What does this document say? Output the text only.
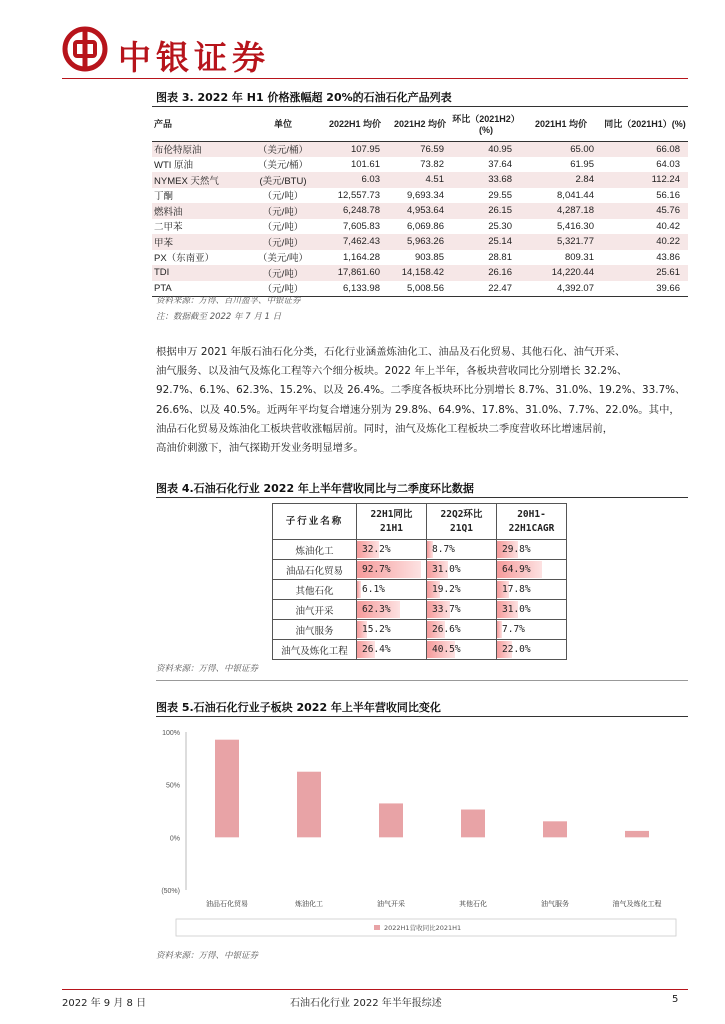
中银证券
图表 3. 2022 年 H1 价格涨幅超 20%的石油石化产品列表
产品	单位	2022H1 均价	2021H2 均价	环比（2021H2）(%)	2021H1 均价	同比（2021H1）(%)
布伦特原油	（美元/桶）	107.95	76.59	40.95	65.00	66.08
WTI 原油	（美元/桶）	101.61	73.82	37.64	61.95	64.03
NYMEX 天然气	(美元/BTU)	6.03	4.51	33.68	2.84	112.24
丁酮	（元/吨）	12,557.73	9,693.34	29.55	8,041.44	56.16
燃料油	（元/吨）	6,248.78	4,953.64	26.15	4,287.18	45.76
二甲苯	（元/吨）	7,605.83	6,069.86	25.30	5,416.30	40.42
甲苯	（元/吨）	7,462.43	5,963.26	25.14	5,321.77	40.22
PX（东南亚）	（美元/吨）	1,164.28	903.85	28.81	809.31	43.86
TDI	（元/吨）	17,861.60	14,158.42	26.16	14,220.44	25.61
PTA	（元/吨）	6,133.98	5,008.56	22.47	4,392.07	39.66
资料来源：万得、百川盈孚、中银证券
注：数据截至 2022 年 7 月 1 日
根据申万 2021 年版石油石化分类，石化行业涵盖炼油化工、油品及石化贸易、其他石化、油气开采、
油气服务、以及油气及炼化工程等六个细分板块。2022 年上半年，各板块营收同比分别增长 32.2%、
92.7%、6.1%、62.3%、15.2%、以及 26.4%。二季度各板块环比分别增长 8.7%、31.0%、19.2%、33.7%、
26.6%、以及 40.5%。近两年平均复合增速分别为 29.8%、64.9%、17.8%、31.0%、7.7%、22.0%。其中，
油品石化贸易及炼油化工板块营收涨幅居前。同时，油气及炼化工程板块二季度营收环比增速居前，
高油价刺激下，油气探勘开发业务明显增多。
图表 4.石油石化行业 2022 年上半年营收同比与二季度环比数据
子行业名称	22H1同比 21H1	22Q2环比 21Q1	20H1-22H1CAGR
炼油化工	32.2%	8.7%	29.8%
油品石化贸易	92.7%	31.0%	64.9%
其他石化	6.1%	19.2%	17.8%
油气开采	62.3%	33.7%	31.0%
油气服务	15.2%	26.6%	7.7%
油气及炼化工程	26.4%	40.5%	22.0%
资料来源：万得、中银证券
图表 5.石油石化行业子板块 2022 年上半年营收同比变化
100%
50%
0%
(50%)
油品石化贸易	炼油化工	油气开采	其他石化	油气服务	油气及炼化工程
2022H1营收同比2021H1
资料来源：万得、中银证券
2022 年 9 月 8 日	石油石化行业 2022 年半年报综述	5
